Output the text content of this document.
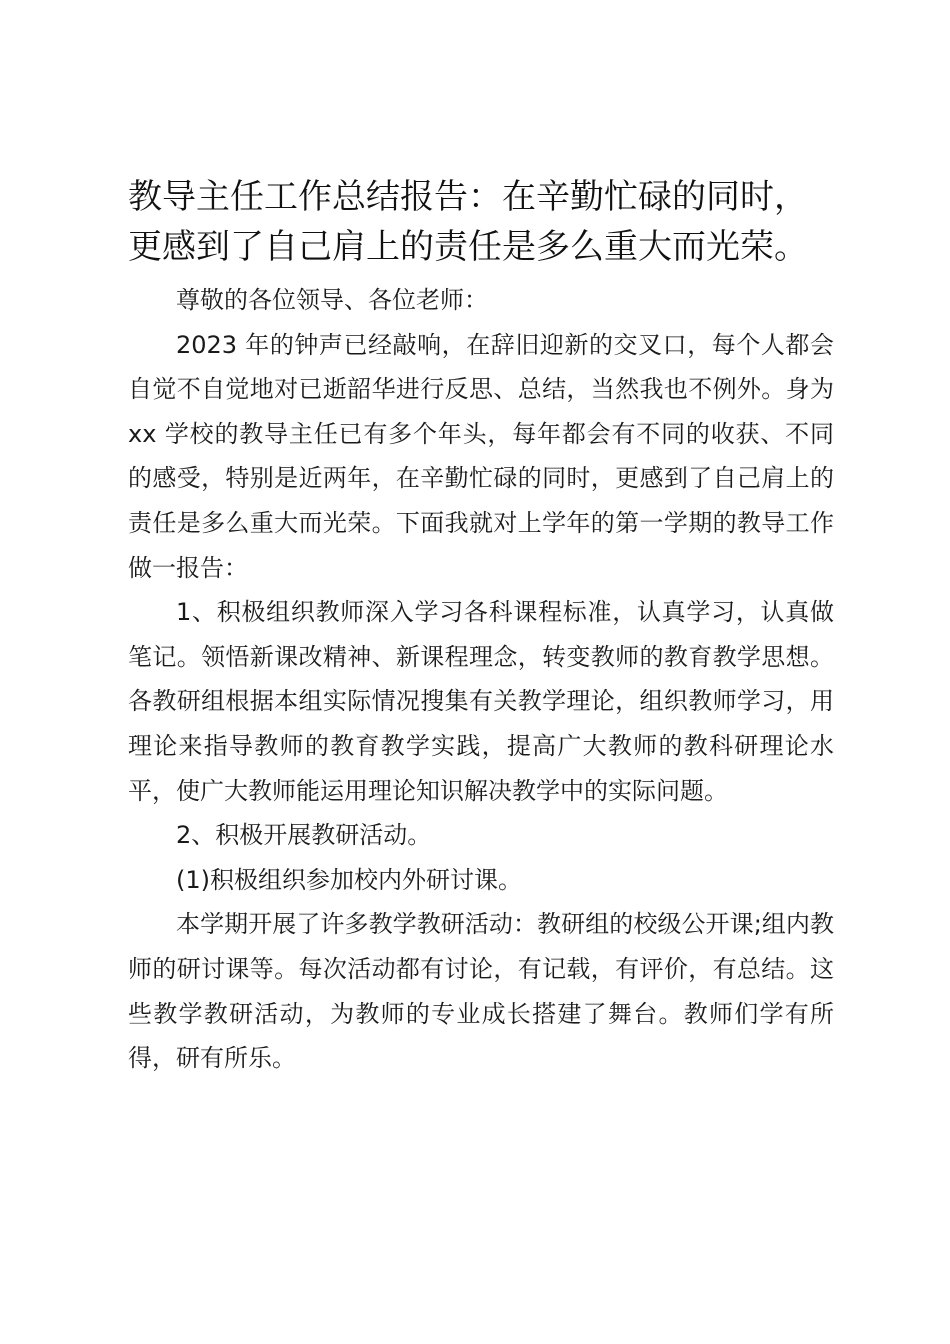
教导主任工作总结报告：在辛勤忙碌的同时，更感到了自己肩上的责任是多么重大而光荣。

尊敬的各位领导、各位老师：

2023 年的钟声已经敲响，在辞旧迎新的交叉口，每个人都会自觉不自觉地对已逝韶华进行反思、总结，当然我也不例外。身为 xx 学校的教导主任已有多个年头，每年都会有不同的收获、不同的感受，特别是近两年，在辛勤忙碌的同时，更感到了自己肩上的责任是多么重大而光荣。下面我就对上学年的第一学期的教导工作做一报告：

1、积极组织教师深入学习各科课程标准，认真学习，认真做笔记。领悟新课改精神、新课程理念，转变教师的教育教学思想。各教研组根据本组实际情况搜集有关教学理论，组织教师学习，用理论来指导教师的教育教学实践，提高广大教师的教科研理论水平，使广大教师能运用理论知识解决教学中的实际问题。

2、积极开展教研活动。

(1)积极组织参加校内外研讨课。

本学期开展了许多教学教研活动：教研组的校级公开课;组内教师的研讨课等。每次活动都有讨论，有记载，有评价，有总结。这些教学教研活动，为教师的专业成长搭建了舞台。教师们学有所得，研有所乐。
